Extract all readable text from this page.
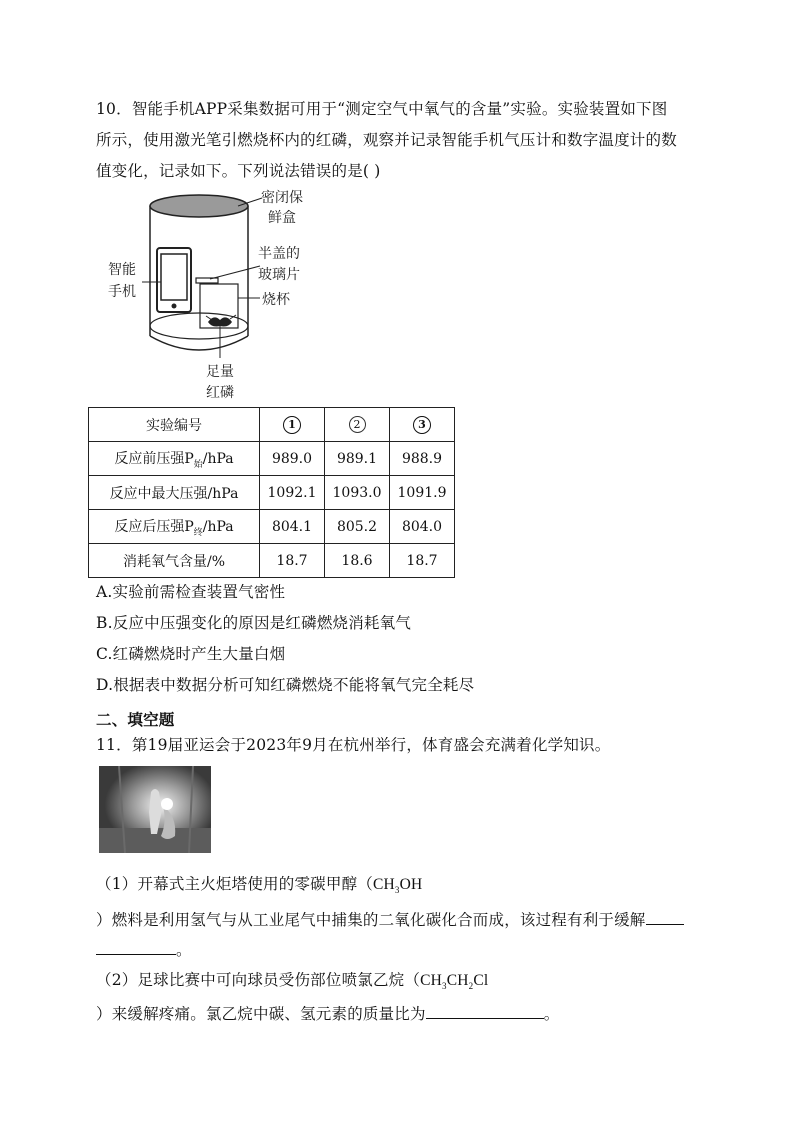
10．智能手机APP采集数据可用于“测定空气中氧气的含量”实验。实验装置如下图
所示，使用激光笔引燃烧杯内的红磷，观察并记录智能手机气压计和数字温度计的数
值变化，记录如下。下列说法错误的是( )
密闭保
鲜盒
智能
手机
半盖的
玻璃片
烧杯
足量
红磷
实验编号	1	2	3
反应前压强$P_始$/hPa	989.0	989.1	988.9
反应中最大压强/hPa	1092.1	1093.0	1091.9
反应后压强$P_终$/hPa	804.1	805.2	804.0
消耗氧气含量/%	18.7	18.6	18.7
A.实验前需检查装置气密性
B.反应中压强变化的原因是红磷燃烧消耗氧气
C.红磷燃烧时产生大量白烟
D.根据表中数据分析可知红磷燃烧不能将氧气完全耗尽
二、填空题
11．第19届亚运会于2023年9月在杭州举行，体育盛会充满着化学知识。
（1）开幕式主火炬塔使用的零碳甲醇（$CH_3OH$
）燃料是利用氢气与从工业尾气中捕集的二氧化碳化合而成，该过程有利于缓解
。
（2）足球比赛中可向球员受伤部位喷氯乙烷（$CH_3CH_2Cl$
）来缓解疼痛。氯乙烷中碳、氢元素的质量比为	。
